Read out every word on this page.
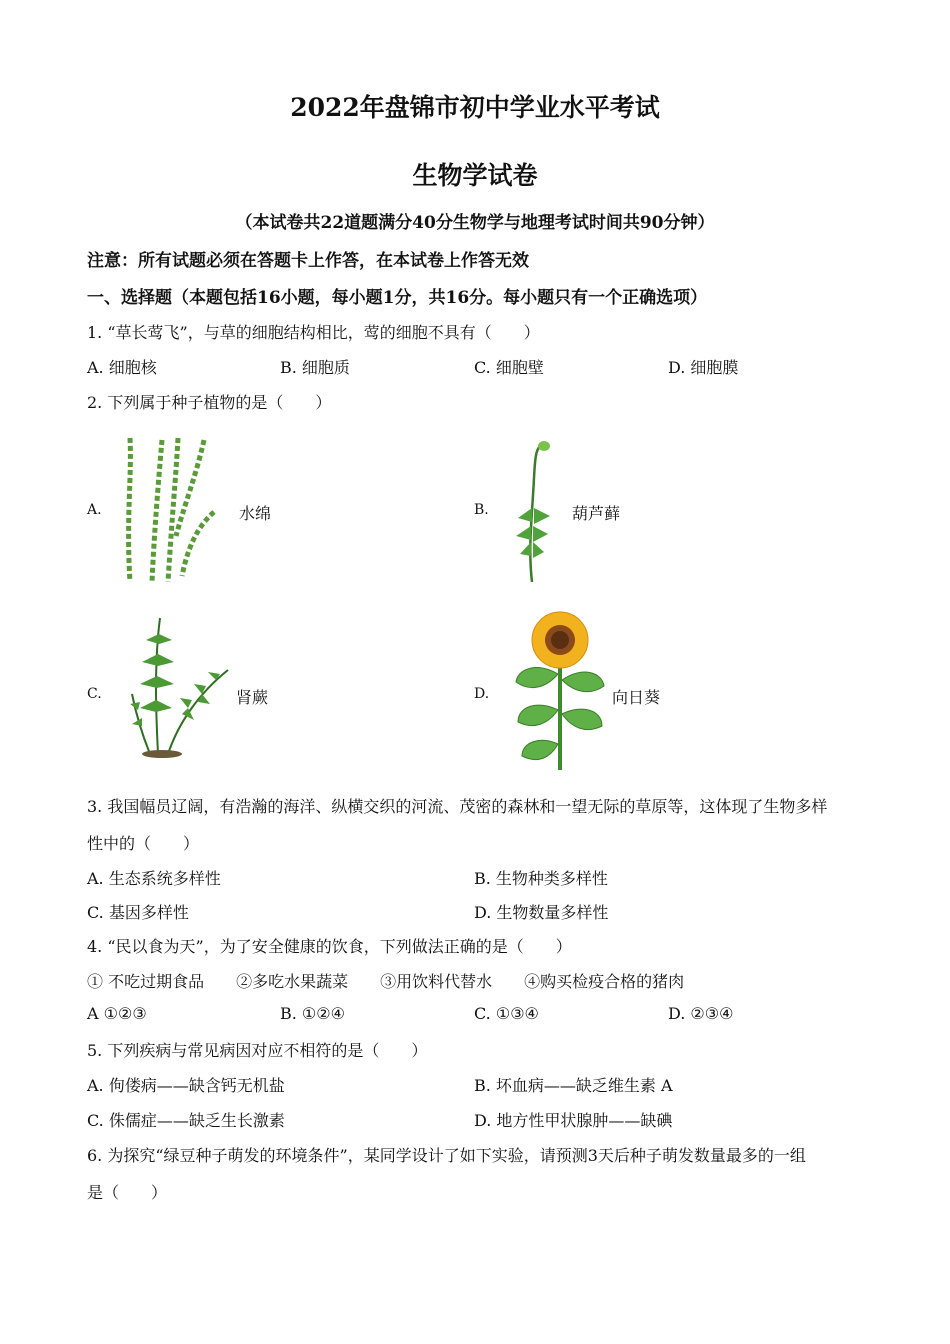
2022年盘锦市初中学业水平考试
生物学试卷
（本试卷共22道题满分40分生物学与地理考试时间共90分钟）
注意：所有试题必须在答题卡上作答，在本试卷上作答无效
一、选择题（本题包括16小题，每小题1分，共16分。每小题只有一个正确选项）
1. “草长莺飞”，与草的细胞结构相比，莺的细胞不具有（　　）
A. 细胞核	B. 细胞质	C. 细胞壁	D. 细胞膜
2. 下列属于种子植物的是（　　）
A.	水绵	B.	葫芦藓
C.	肾蕨	D.	向日葵
3. 我国幅员辽阔，有浩瀚的海洋、纵横交织的河流、茂密的森林和一望无际的草原等，这体现了生物多样
性中的（　　）
A. 生态系统多样性	B. 生物种类多样性
C. 基因多样性	D. 生物数量多样性
4. “民以食为天”，为了安全健康的饮食，下列做法正确的是（　　）
① 不吃过期食品　　②多吃水果蔬菜　　③用饮料代替水　　④购买检疫合格的猪肉
A ①②③	B. ①②④	C. ①③④	D. ②③④
5. 下列疾病与常见病因对应不相符的是（　　）
A. 佝偻病——缺含钙无机盐	B. 坏血病——缺乏维生素 A
C. 侏儒症——缺乏生长激素	D. 地方性甲状腺肿——缺碘
6. 为探究“绿豆种子萌发的环境条件”，某同学设计了如下实验，请预测3天后种子萌发数量最多的一组
是（　　）
